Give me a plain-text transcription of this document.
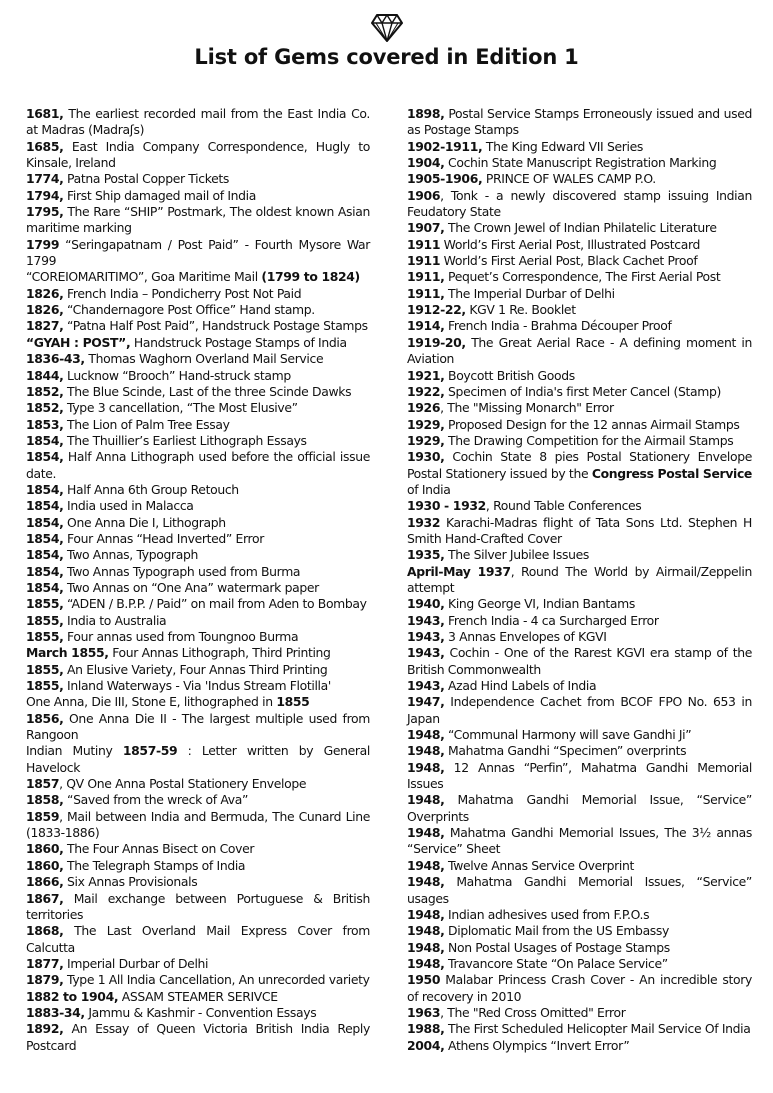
List of Gems covered in Edition 1

1681, The earliest recorded mail from the East India Co. at Madras (Madraʃs)

1685, East India Company Correspondence, Hugly to Kinsale, Ireland

1774, Patna Postal Copper Tickets

1794, First Ship damaged mail of India

1795, The Rare “SHIP” Postmark, The oldest known Asian maritime marking

1799 “Seringapatnam / Post Paid” - Fourth Mysore War 1799

“COREIOMARITIMO”, Goa Maritime Mail (1799 to 1824)

1826, French India – Pondicherry Post Not Paid

1826, “Chandernagore Post Office” Hand stamp.

1827, “Patna Half Post Paid”, Handstruck Postage Stamps

“GYAH : POST”, Handstruck Postage Stamps of India

1836-43, Thomas Waghorn Overland Mail Service

1844, Lucknow “Brooch” Hand-struck stamp

1852, The Blue Scinde, Last of the three Scinde Dawks

1852, Type 3 cancellation, “The Most Elusive”

1853, The Lion of Palm Tree Essay

1854, The Thuillier’s Earliest Lithograph Essays

1854, Half Anna Lithograph used before the official issue date.

1854, Half Anna 6th Group Retouch

1854, India used in Malacca

1854, One Anna Die I, Lithograph

1854, Four Annas “Head Inverted” Error

1854, Two Annas, Typograph

1854, Two Annas Typograph used from Burma

1854, Two Annas on “One Ana” watermark paper

1855, “ADEN / B.P.P. / Paid” on mail from Aden to Bombay

1855, India to Australia

1855, Four annas used from Toungnoo Burma

March 1855, Four Annas Lithograph, Third Printing

1855, An Elusive Variety, Four Annas Third Printing

1855, Inland Waterways - Via 'Indus Stream Flotilla'

One Anna, Die III, Stone E, lithographed in 1855

1856, One Anna Die II - The largest multiple used from Rangoon

Indian Mutiny 1857-59 : Letter written by General Havelock

1857, QV One Anna Postal Stationery Envelope

1858, “Saved from the wreck of Ava”

1859, Mail between India and Bermuda, The Cunard Line (1833-1886)

1860, The Four Annas Bisect on Cover

1860, The Telegraph Stamps of India

1866, Six Annas Provisionals

1867, Mail exchange between Portuguese & British territories

1868, The Last Overland Mail Express Cover from Calcutta

1877, Imperial Durbar of Delhi

1879, Type 1 All India Cancellation, An unrecorded variety

1882 to 1904, ASSAM STEAMER SERIVCE

1883-34, Jammu & Kashmir - Convention Essays

1892, An Essay of Queen Victoria British India Reply Postcard

1898, Postal Service Stamps Erroneously issued and used as Postage Stamps

1902-1911, The King Edward VII Series

1904, Cochin State Manuscript Registration Marking

1905-1906, PRINCE OF WALES CAMP P.O.

1906, Tonk - a newly discovered stamp issuing Indian Feudatory State

1907, The Crown Jewel of Indian Philatelic Literature

1911 World’s First Aerial Post, Illustrated Postcard

1911 World’s First Aerial Post, Black Cachet Proof

1911, Pequet’s Correspondence, The First Aerial Post

1911, The Imperial Durbar of Delhi

1912-22, KGV 1 Re. Booklet

1914, French India - Brahma Découper Proof

1919-20, The Great Aerial Race - A defining moment in Aviation

1921, Boycott British Goods

1922, Specimen of India's first Meter Cancel (Stamp)

1926, The "Missing Monarch" Error

1929, Proposed Design for the 12 annas Airmail Stamps

1929, The Drawing Competition for the Airmail Stamps

1930, Cochin State 8 pies Postal Stationery Envelope Postal Stationery issued by the Congress Postal Service of India

1930 - 1932, Round Table Conferences

1932 Karachi-Madras flight of Tata Sons Ltd. Stephen H Smith Hand-Crafted Cover

1935, The Silver Jubilee Issues

April-May 1937, Round The World by Airmail/Zeppelin attempt

1940, King George VI, Indian Bantams

1943, French India - 4 ca Surcharged Error

1943, 3 Annas Envelopes of KGVI

1943, Cochin - One of the Rarest KGVI era stamp of the British Commonwealth

1943, Azad Hind Labels of India

1947, Independence Cachet from BCOF FPO No. 653 in Japan

1948, “Communal Harmony will save Gandhi Ji”

1948, Mahatma Gandhi “Specimen” overprints

1948, 12 Annas “Perfin”, Mahatma Gandhi Memorial Issues

1948, Mahatma Gandhi Memorial Issue, “Service” Overprints

1948, Mahatma Gandhi Memorial Issues, The 3½ annas “Service” Sheet

1948, Twelve Annas Service Overprint

1948, Mahatma Gandhi Memorial Issues, “Service” usages

1948, Indian adhesives used from F.P.O.s

1948, Diplomatic Mail from the US Embassy

1948, Non Postal Usages of Postage Stamps

1948, Travancore State “On Palace Service”

1950 Malabar Princess Crash Cover - An incredible story of recovery in 2010

1963, The "Red Cross Omitted" Error

1988, The First Scheduled Helicopter Mail Service Of India

2004, Athens Olympics “Invert Error”
